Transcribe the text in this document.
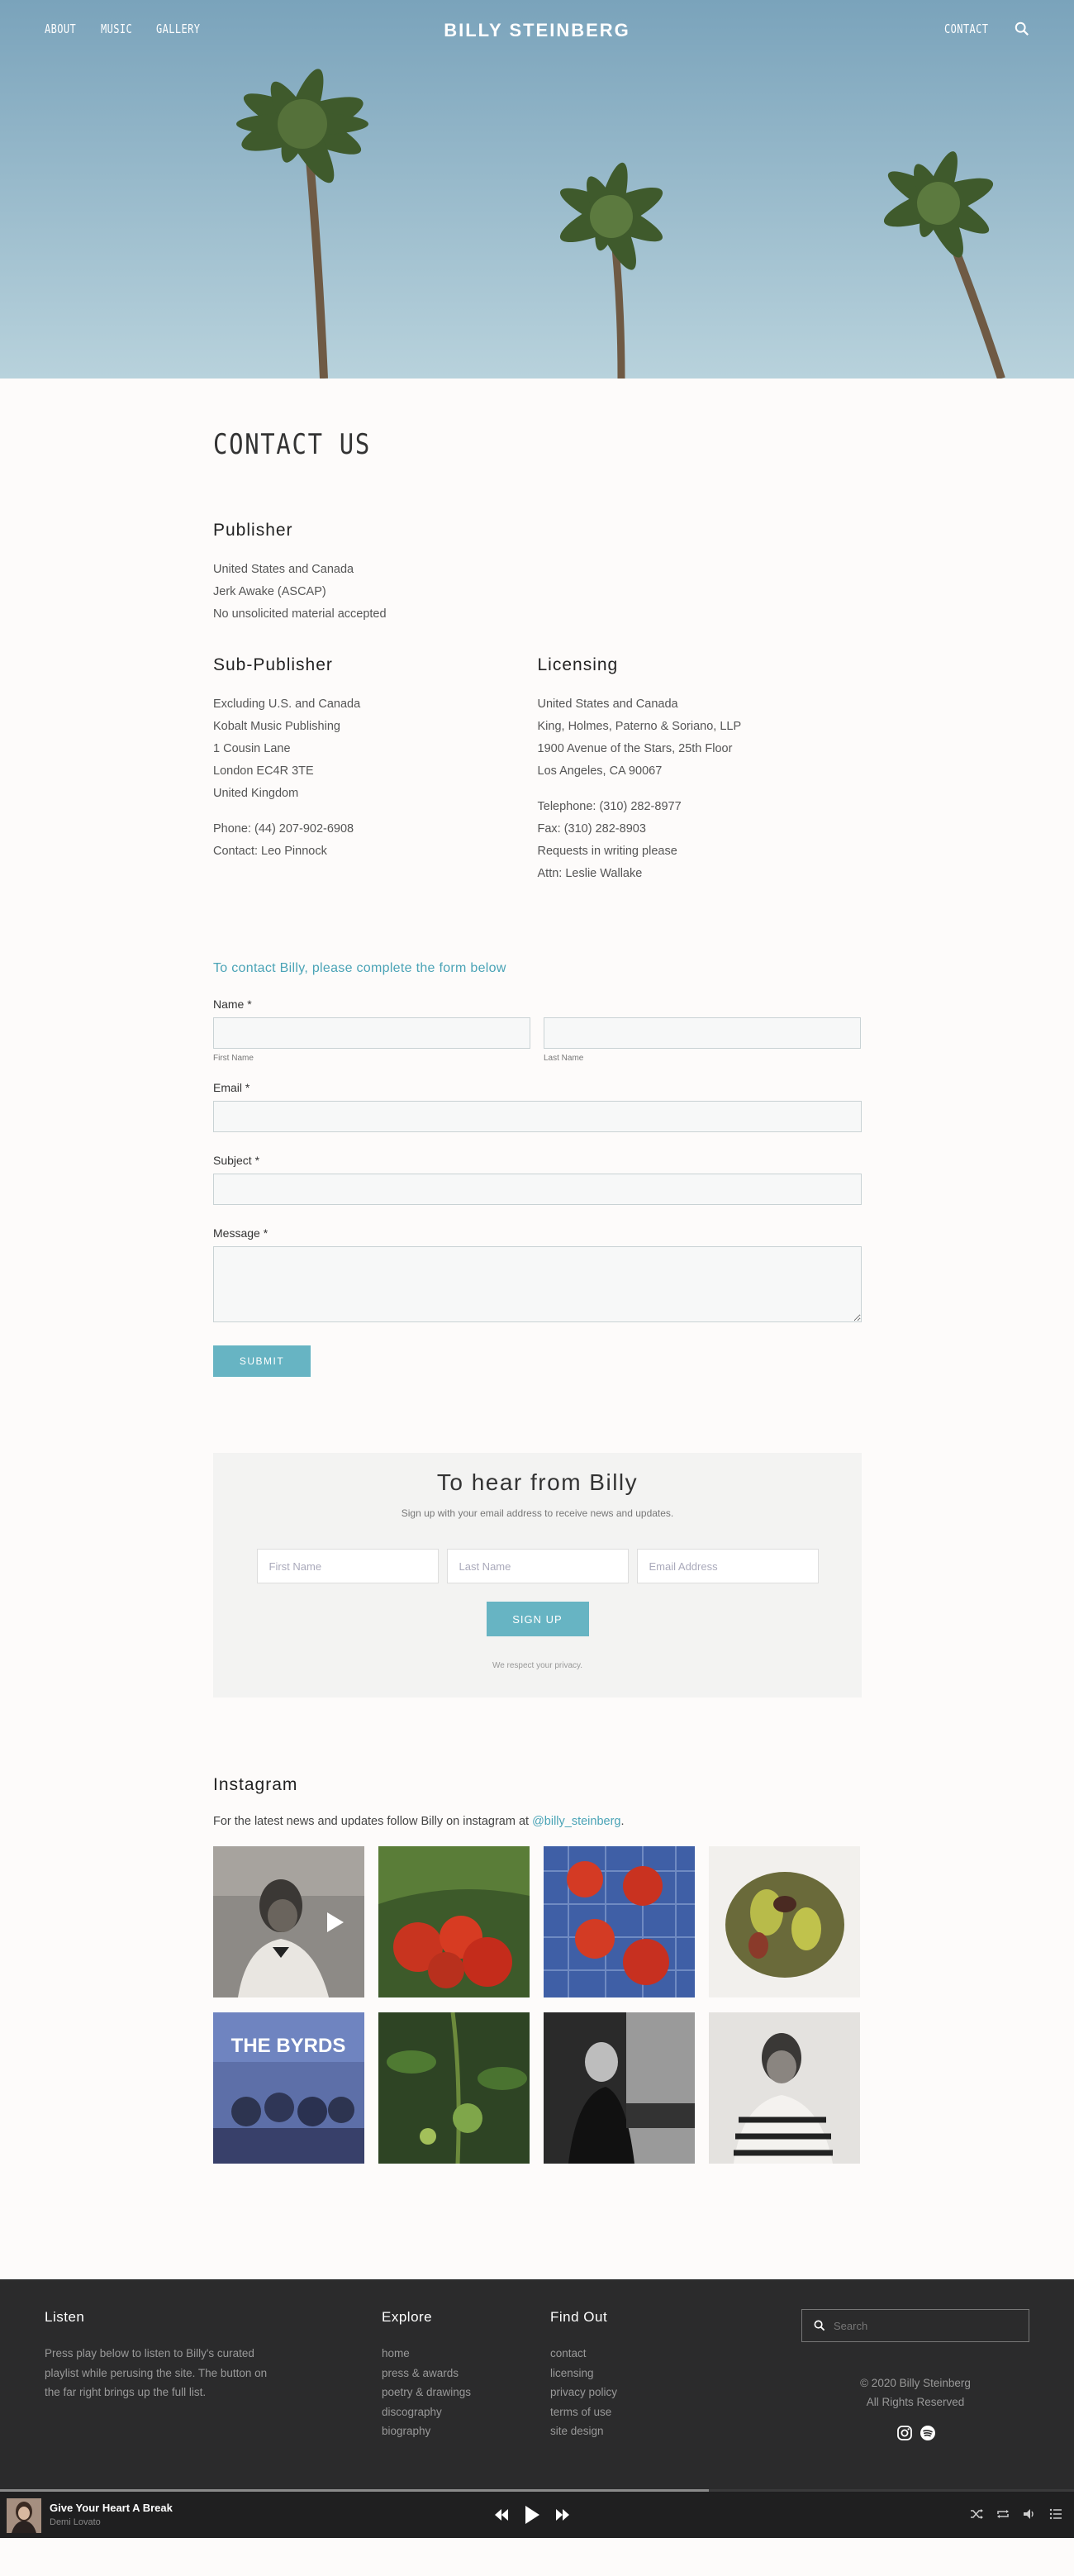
ABOUT MUSIC GALLERY	BILLY STEINBERG	CONTACT
CONTACT US
Publisher
United States and Canada
Jerk Awake (ASCAP)
No unsolicited material accepted
Sub-Publisher
Excluding U.S. and Canada
Kobalt Music Publishing
1 Cousin Lane
London EC4R 3TE
United Kingdom
Phone: (44) 207-902-6908
Contact: Leo Pinnock
Licensing
United States and Canada
King, Holmes, Paterno & Soriano, LLP
1900 Avenue of the Stars, 25th Floor
Los Angeles, CA 90067
Telephone: (310) 282-8977
Fax: (310) 282-8903
Requests in writing please
Attn: Leslie Wallake
To contact Billy, please complete the form below
Name *
First Name	Last Name
Email *
Subject *
Message *
SUBMIT
To hear from Billy
Sign up with your email address to receive news and updates.
First Name
Last Name
Email Address
SIGN UP
We respect your privacy.
Instagram
For the latest news and updates follow Billy on instagram at @billy_steinberg.
THE BYRDS
Listen
Press play below to listen to Billy's curated playlist while perusing the site. The button on the far right brings up the full list.
Explore
home
press & awards
poetry & drawings
discography
biography
Find Out
contact
licensing
privacy policy
terms of use
site design
Search
© 2020 Billy Steinberg
All Rights Reserved
Give Your Heart A Break
Demi Lovato
